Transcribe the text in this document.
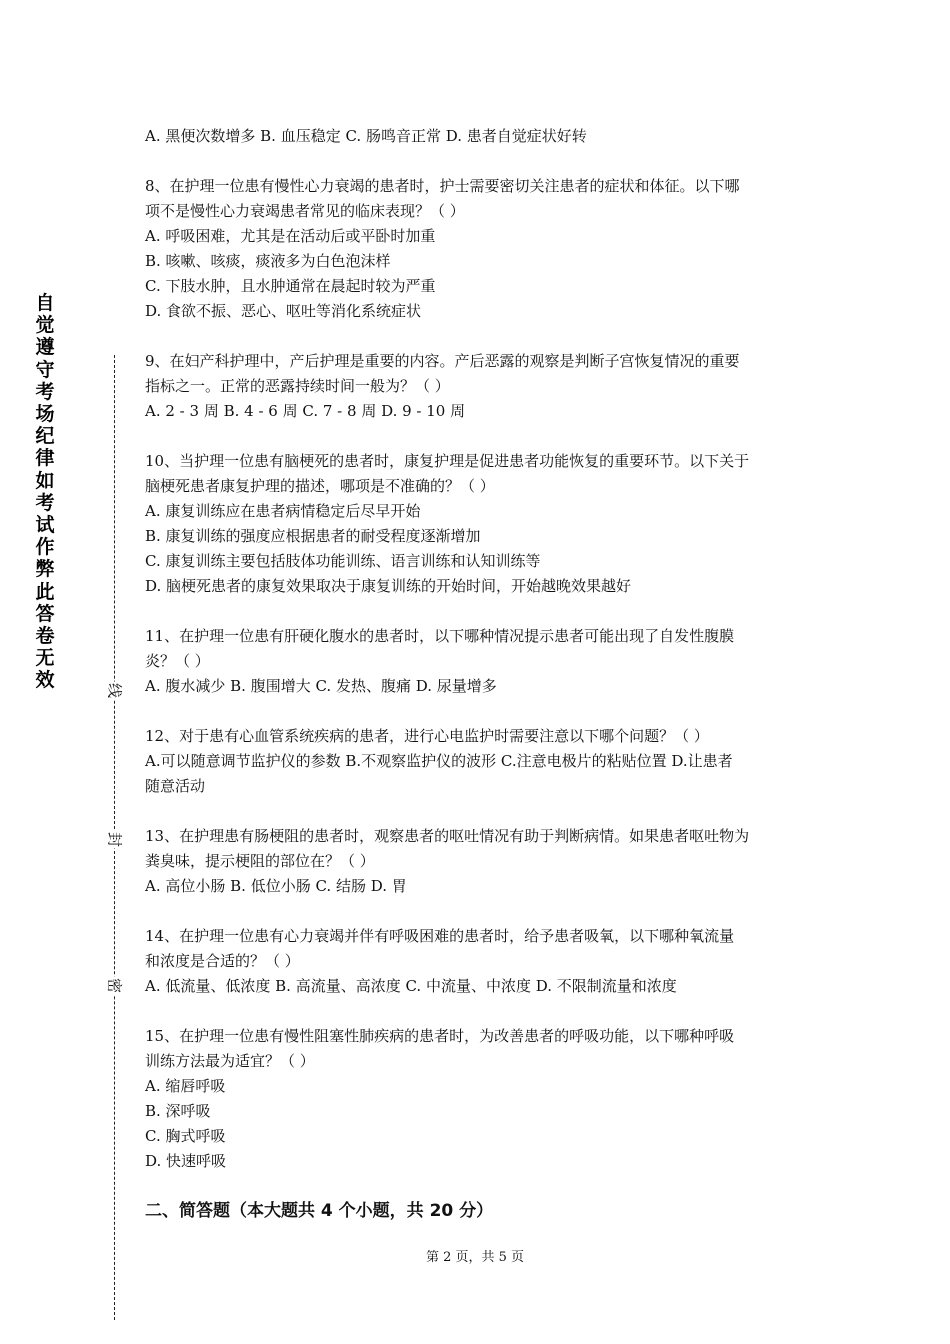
自觉遵守考场纪律如考试作弊此答卷无效	线
封
密

A. 黑便次数增多 B. 血压稳定 C. 肠鸣音正常 D. 患者自觉症状好转

8、在护理一位患有慢性心力衰竭的患者时，护士需要密切关注患者的症状和体征。以下哪

项不是慢性心力衰竭患者常见的临床表现？（ ）

A. 呼吸困难，尤其是在活动后或平卧时加重

B. 咳嗽、咳痰，痰液多为白色泡沫样

C. 下肢水肿，且水肿通常在晨起时较为严重

D. 食欲不振、恶心、呕吐等消化系统症状

9、在妇产科护理中，产后护理是重要的内容。产后恶露的观察是判断子宫恢复情况的重要

指标之一。正常的恶露持续时间一般为？（ ）

A. 2 - 3 周 B. 4 - 6 周 C. 7 - 8 周 D. 9 - 10 周

10、当护理一位患有脑梗死的患者时，康复护理是促进患者功能恢复的重要环节。以下关于

脑梗死患者康复护理的描述，哪项是不准确的？（ ）

A. 康复训练应在患者病情稳定后尽早开始

B. 康复训练的强度应根据患者的耐受程度逐渐增加

C. 康复训练主要包括肢体功能训练、语言训练和认知训练等

D. 脑梗死患者的康复效果取决于康复训练的开始时间，开始越晚效果越好

11、在护理一位患有肝硬化腹水的患者时，以下哪种情况提示患者可能出现了自发性腹膜

炎？（ ）

A. 腹水减少 B. 腹围增大 C. 发热、腹痛 D. 尿量增多

12、对于患有心血管系统疾病的患者，进行心电监护时需要注意以下哪个问题？（ ）

A.可以随意调节监护仪的参数 B.不观察监护仪的波形 C.注意电极片的粘贴位置 D.让患者

随意活动

13、在护理患有肠梗阻的患者时，观察患者的呕吐情况有助于判断病情。如果患者呕吐物为

粪臭味，提示梗阻的部位在？（ ）

A. 高位小肠 B. 低位小肠 C. 结肠 D. 胃

14、在护理一位患有心力衰竭并伴有呼吸困难的患者时，给予患者吸氧，以下哪种氧流量

和浓度是合适的？（ ）

A. 低流量、低浓度 B. 高流量、高浓度 C. 中流量、中浓度 D. 不限制流量和浓度

15、在护理一位患有慢性阻塞性肺疾病的患者时，为改善患者的呼吸功能，以下哪种呼吸

训练方法最为适宜？（ ）

A. 缩唇呼吸

B. 深呼吸

C. 胸式呼吸

D. 快速呼吸

二、简答题（本大题共 4 个小题，共 20 分）
第 2 页，共 5 页
